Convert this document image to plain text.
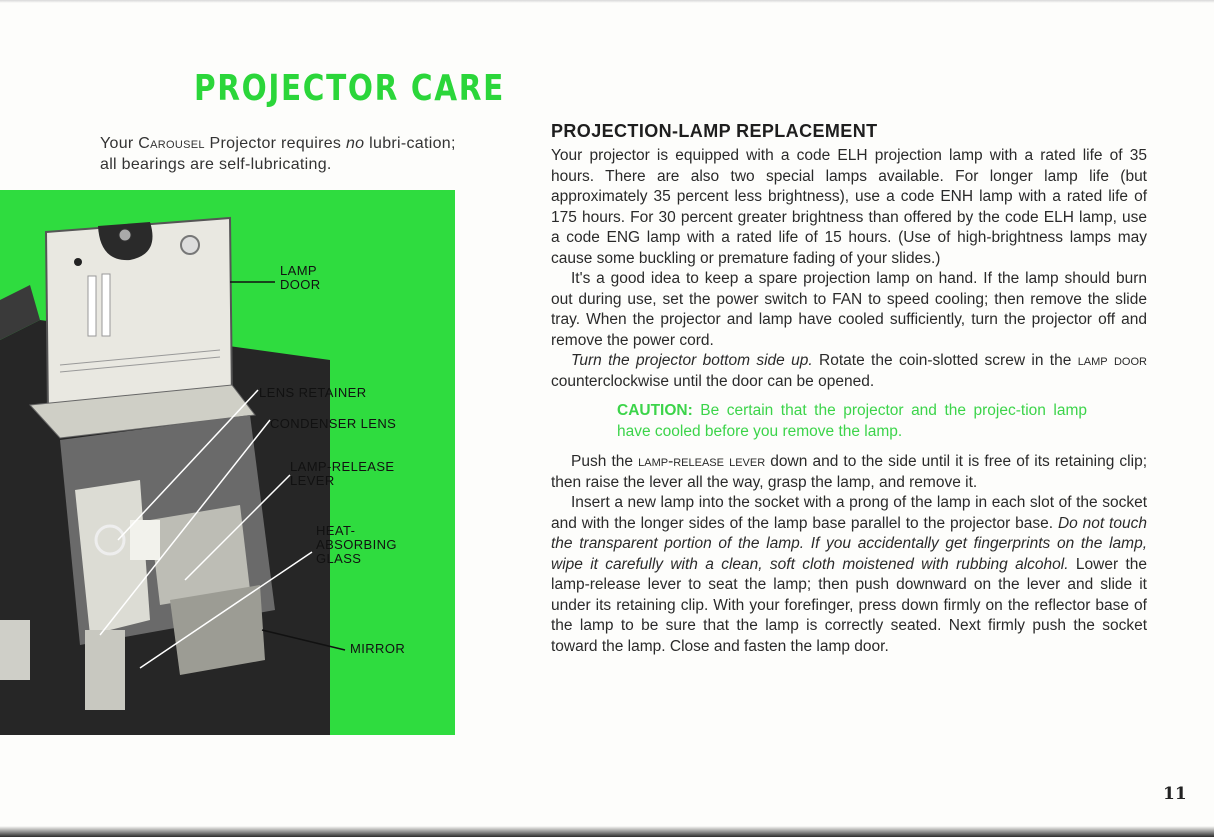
PROJECTOR CARE

Your Carousel Projector requires no lubri-cation; all bearings are self-lubricating.

LAMP
DOOR

LENS RETAINER

CONDENSER LENS

LAMP-RELEASE
LEVER

HEAT-
ABSORBING
GLASS

MIRROR

PROJECTION-LAMP REPLACEMENT

Your projector is equipped with a code ELH projection lamp with a rated life of 35 hours. There are also two special lamps available. For longer lamp life (but approximately 35 percent less brightness), use a code ENH lamp with a rated life of 175 hours. For 30 percent greater brightness than offered by the code ELH lamp, use a code ENG lamp with a rated life of 15 hours. (Use of high-brightness lamps may cause some buckling or premature fading of your slides.)

It's a good idea to keep a spare projection lamp on hand. If the lamp should burn out during use, set the power switch to FAN to speed cooling; then remove the slide tray. When the projector and lamp have cooled sufficiently, turn the projector off and remove the power cord.

Turn the projector bottom side up. Rotate the coin-slotted screw in the lamp door counterclockwise until the door can be opened.

CAUTION: Be certain that the projector and the projec-tion lamp have cooled before you remove the lamp.

Push the lamp-release lever down and to the side until it is free of its retaining clip; then raise the lever all the way, grasp the lamp, and remove it.

Insert a new lamp into the socket with a prong of the lamp in each slot of the socket and with the longer sides of the lamp base parallel to the projector base. Do not touch the transparent portion of the lamp. If you accidentally get fingerprints on the lamp, wipe it carefully with a clean, soft cloth moistened with rubbing alcohol. Lower the lamp-release lever to seat the lamp; then push downward on the lever and slide it under its retaining clip. With your forefinger, press down firmly on the reflector base of the lamp to be sure that the lamp is correctly seated. Next firmly push the socket toward the lamp. Close and fasten the lamp door.

11
